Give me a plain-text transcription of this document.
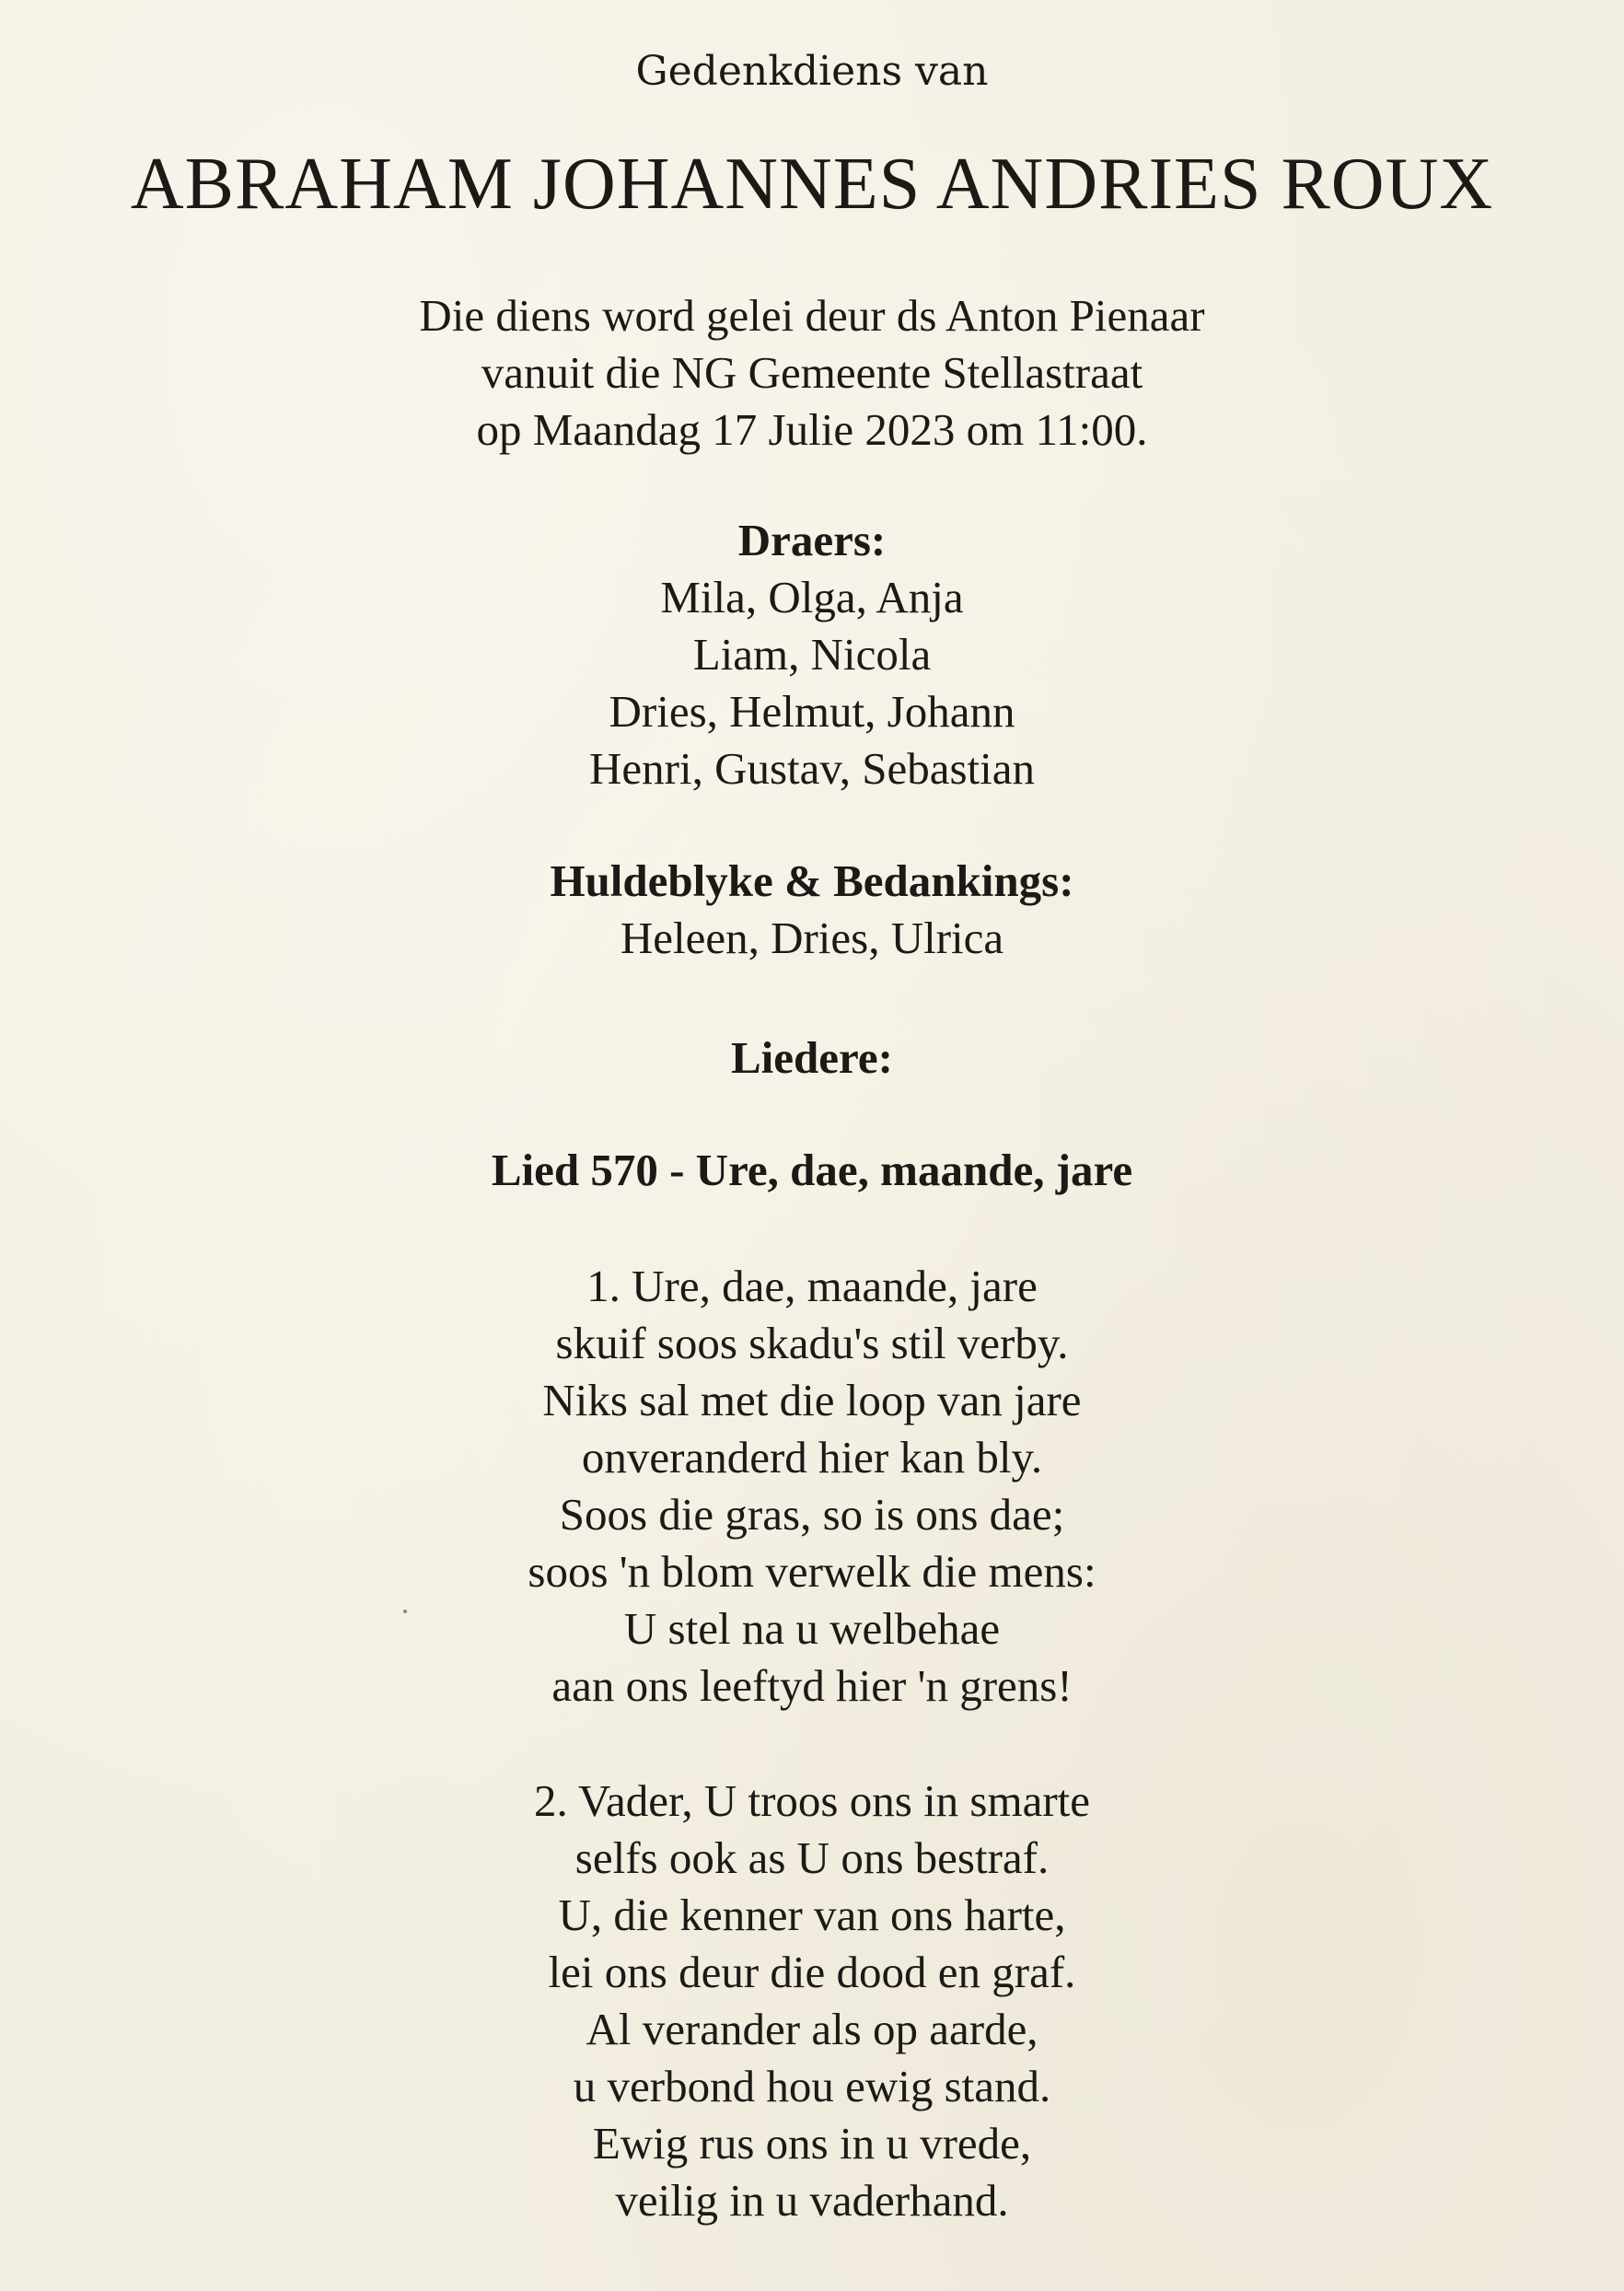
Gedenkdiens van
ABRAHAM JOHANNES ANDRIES ROUX
Die diens word gelei deur ds Anton Pienaar
vanuit die NG Gemeente Stellastraat
op Maandag 17 Julie 2023 om 11:00.
Draers:
Mila, Olga, Anja
Liam, Nicola
Dries, Helmut, Johann
Henri, Gustav, Sebastian
Huldeblyke & Bedankings:
Heleen, Dries, Ulrica
Liedere:
Lied 570 - Ure, dae, maande, jare
1. Ure, dae, maande, jare
skuif soos skadu's stil verby.
Niks sal met die loop van jare
onveranderd hier kan bly.
Soos die gras, so is ons dae;
soos 'n blom verwelk die mens:
U stel na u welbehae
aan ons leeftyd hier 'n grens!
2. Vader, U troos ons in smarte
selfs ook as U ons bestraf.
U, die kenner van ons harte,
lei ons deur die dood en graf.
Al verander als op aarde,
u verbond hou ewig stand.
Ewig rus ons in u vrede,
veilig in u vaderhand.
